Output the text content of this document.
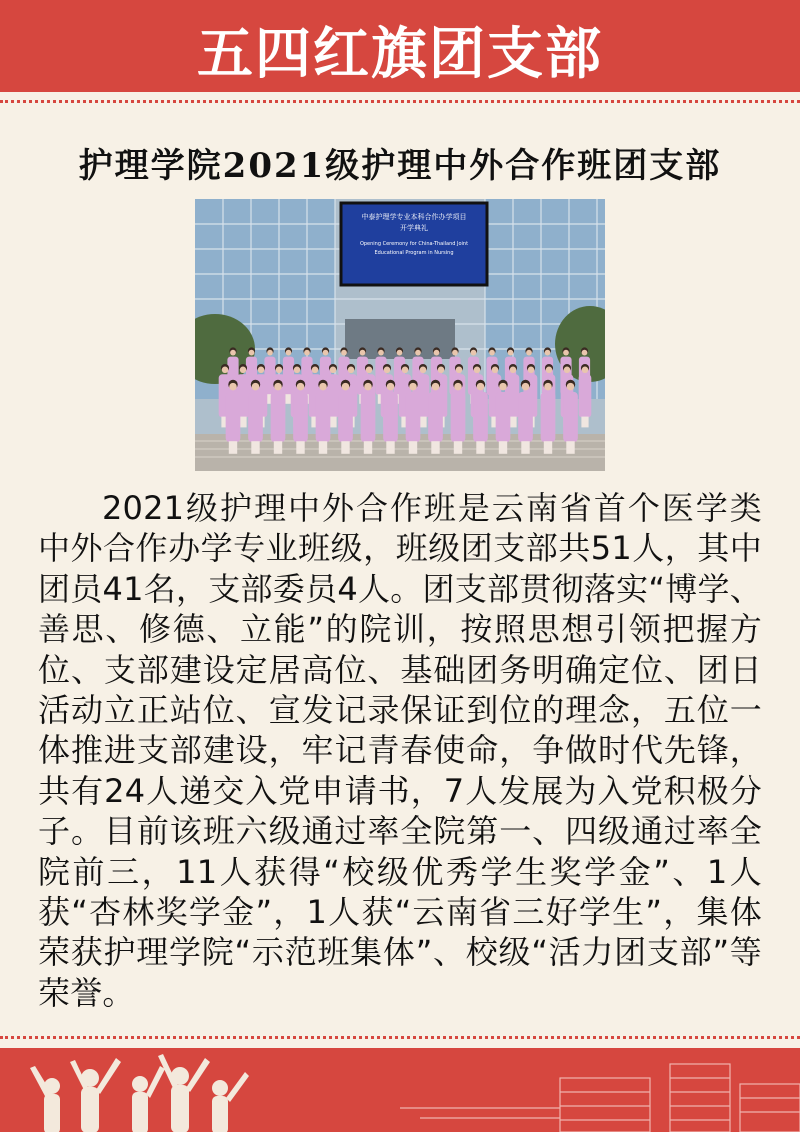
五四红旗团支部
护理学院2021级护理中外合作班团支部
中泰护理学专业本科合作办学项目
开学典礼
Opening Ceremony for China-Thailand Joint
Educational Program in Nursing
2021级护理中外合作班是云南省首个医学类中外合作办学专业班级，班级团支部共51人，其中团员41名，支部委员4人。团支部贯彻落实“博学、善思、修德、立能”的院训，按照思想引领把握方位、支部建设定居高位、基础团务明确定位、团日活动立正站位、宣发记录保证到位的理念，五位一体推进支部建设，牢记青春使命，争做时代先锋，共有24人递交入党申请书，7人发展为入党积极分子。目前该班六级通过率全院第一、四级通过率全院前三，11人获得“校级优秀学生奖学金”、1人获“杏林奖学金”，1人获“云南省三好学生”，集体荣获护理学院“示范班集体”、校级“活力团支部”等荣誉。
